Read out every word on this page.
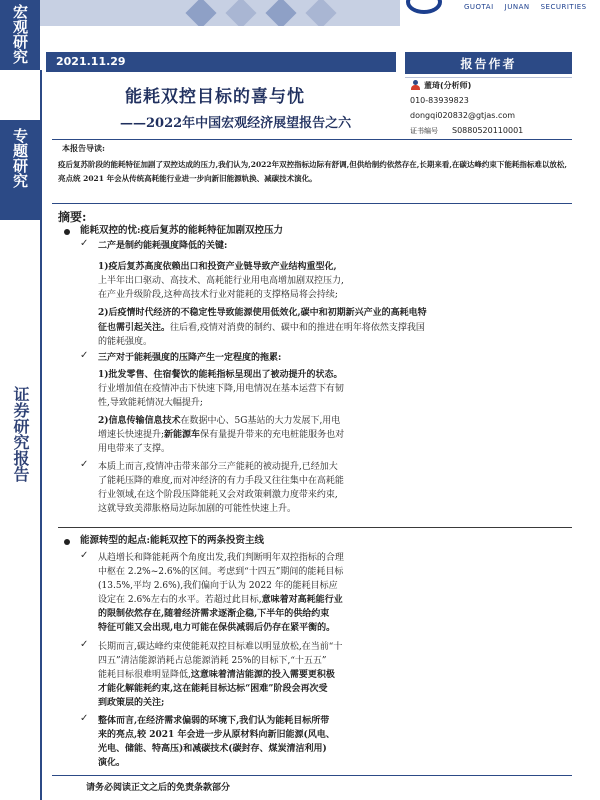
宏观研究
专题研究
证券研究报告
GUOTAI JUNAN SECURITIES
2021.11.29
能耗双控目标的喜与忧
——2022年中国宏观经济展望报告之六
报告作者
董琦(分析师)
010-83939823
dongqi020832@gtjas.com
证书编号 S0880520110001
本报告导读:
疫后复苏阶段的能耗特征加剧了双控达成的压力,我们认为,2022年双控指标边际有舒调,但供给制约依然存在,长期来看,在碳达峰约束下能耗指标难以放松,亮点统 2021 年会从传统高耗能行业进一步向新旧能源轨换、减碳技术演化。
摘要:
能耗双控的忧:疫后复苏的能耗特征加剧双控压力
✓ 二产是制约能耗强度降低的关键:
1)疫后复苏高度依赖出口和投资产业链导致产业结构重型化,
上半年出口驱动、高技术、高耗能行业用电高增加剧双控压力,
在产业升级阶段,这种高技术行业对能耗的支撑格局将会持续;
2)后疫情时代经济的不稳定性导致能源使用低效化,碳中和初期新兴产业的高耗电特征也需引起关注。往后看,疫情对消费的制约、碳中和的推进在明年将依然支撑我国的能耗强度。
✓ 三产对于能耗强度的压降产生一定程度的拖累:
1)批发零售、住宿餐饮的能耗指标呈现出了被动提升的状态。
行业增加值在疫情冲击下快速下降,用电情况在基本运营下有韧
性,导致能耗情况大幅提升;
2)信息传输信息技术在数据中心、5G基站的大力发展下,用电
增速长快速提升;新能源车保有量提升带来的充电桩能服务也对
用电带来了支撑。
✓ 本质上而言,疫情冲击带来部分三产能耗的被动提升,已经加大
了能耗压降的难度,而对冲经济的有力手段又往往集中在高耗能
行业领域,在这个阶段压降能耗又会对政策刺激力度带来约束,
这就导致美滞胀格局边际加剧的可能性快速上升。
能源转型的起点:能耗双控下的两条投资主线
✓ 从趋增长和降能耗两个角度出发,我们判断明年双控指标的合理
中枢在 2.2%~2.6%的区间。考虑到“十四五”期间的能耗目标
(13.5%,平均 2.6%),我们偏向于认为 2022 年的能耗目标应
设定在 2.6%左右的水平。若超过此目标,意味着对高耗能行业
的限制依然存在,随着经济需求逐渐企稳,下半年的供给约束
特征可能又会出现,电力可能在保供减弱后仍存在紧平衡的。
✓ 长期而言,碳达峰约束使能耗双控目标难以明显放松,在当前“十
四五”清洁能源消耗占总能源消耗 25%的目标下,“十五五”
能耗目标很难明显降低,这意味着清洁能源的投入需要更积极
才能化解能耗约束,这在能耗目标达标“困难”阶段会再次受
到政策层的关注;
✓ 整体而言,在经济需求偏弱的环境下,我们认为能耗目标所带
来的亮点,较 2021 年会进一步从原材料向新旧能源(风电、
光电、储能、特高压)和减碳技术(碳封存、煤炭清洁利用)
演化。
请务必阅读正文之后的免责条款部分
